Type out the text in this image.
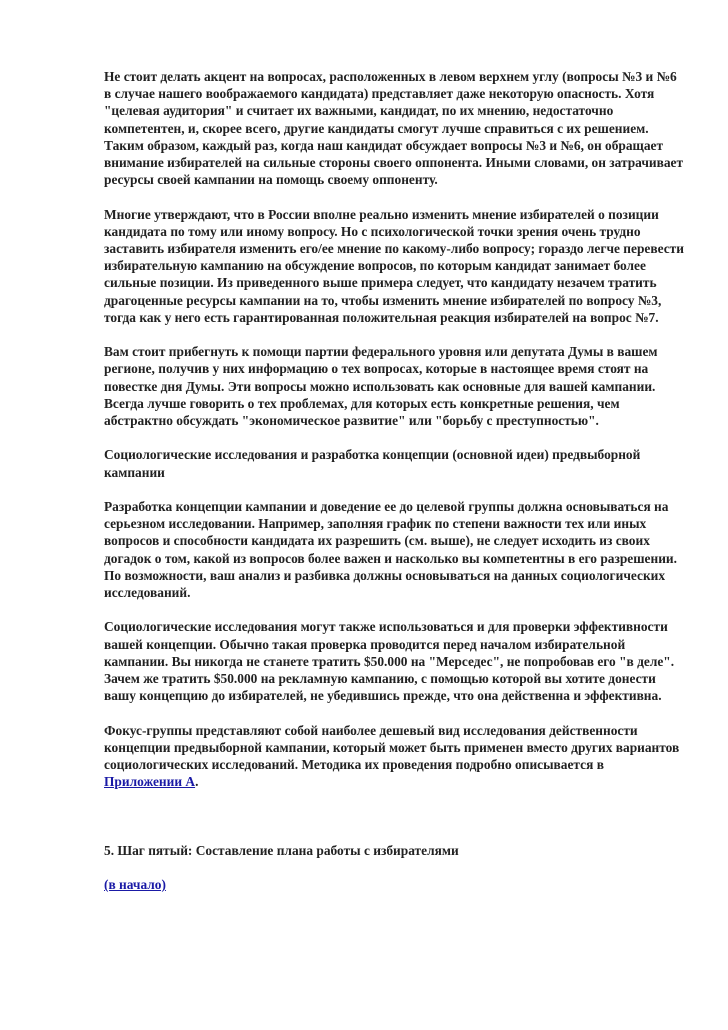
Не стоит делать акцент на вопросах, расположенных в левом верхнем углу (вопросы №3 и №6 в случае нашего воображаемого кандидата) представляет даже некоторую опасность. Хотя "целевая аудитория" и считает их важными, кандидат, по их мнению, недостаточно компетентен, и, скорее всего, другие кандидаты смогут лучше справиться с их решением. Таким образом, каждый раз, когда наш кандидат обсуждает вопросы №3 и №6, он обращает внимание избирателей на сильные стороны своего оппонента. Иными словами, он затрачивает ресурсы своей кампании на помощь своему оппоненту.

Многие утверждают, что в России вполне реально изменить мнение избирателей о позиции кандидата по тому или иному вопросу. Но с психологической точки зрения очень трудно заставить избирателя изменить его/ее мнение по какому-либо вопросу; гораздо легче перевести избирательную кампанию на обсуждение вопросов, по которым кандидат занимает более сильные позиции. Из приведенного выше примера следует, что кандидату незачем тратить драгоценные ресурсы кампании на то, чтобы изменить мнение избирателей по вопросу №3, тогда как у него есть гарантированная положительная реакция избирателей на вопрос №7.

Вам стоит прибегнуть к помощи партии федерального уровня или депутата Думы в вашем регионе, получив у них информацию о тех вопросах, которые в настоящее время стоят на повестке дня Думы. Эти вопросы можно использовать как основные для вашей кампании. Всегда лучше говорить о тех проблемах, для которых есть конкретные решения, чем абстрактно обсуждать "экономическое развитие" или "борьбу с преступностью".

Социологические исследования и разработка концепции (основной идеи) предвыборной кампании

Разработка концепции кампании и доведение ее до целевой группы должна основываться на серьезном исследовании. Например, заполняя график по степени важности тех или иных вопросов и способности кандидата их разрешить (см. выше), не следует исходить из своих догадок о том, какой из вопросов более важен и насколько вы компетентны в его разрешении. По возможности, ваш анализ и разбивка должны основываться на данных социологических исследований.

Социологические исследования могут также использоваться и для проверки эффективности вашей концепции. Обычно такая проверка проводится перед началом избирательной кампании. Вы никогда не станете тратить $50.000 на "Мерседес", не попробовав его "в деле". Зачем же тратить $50.000 на рекламную кампанию, с помощью которой вы хотите донести вашу концепцию до избирателей, не убедившись прежде, что она действенна и эффективна.

Фокус-группы представляют собой наиболее дешевый вид исследования действенности концепции предвыборной кампании, который может быть применен вместо других вариантов социологических исследований. Методика их проведения подробно описывается в Приложении А.

5. Шаг пятый: Составление плана работы с избирателями

(в начало)
